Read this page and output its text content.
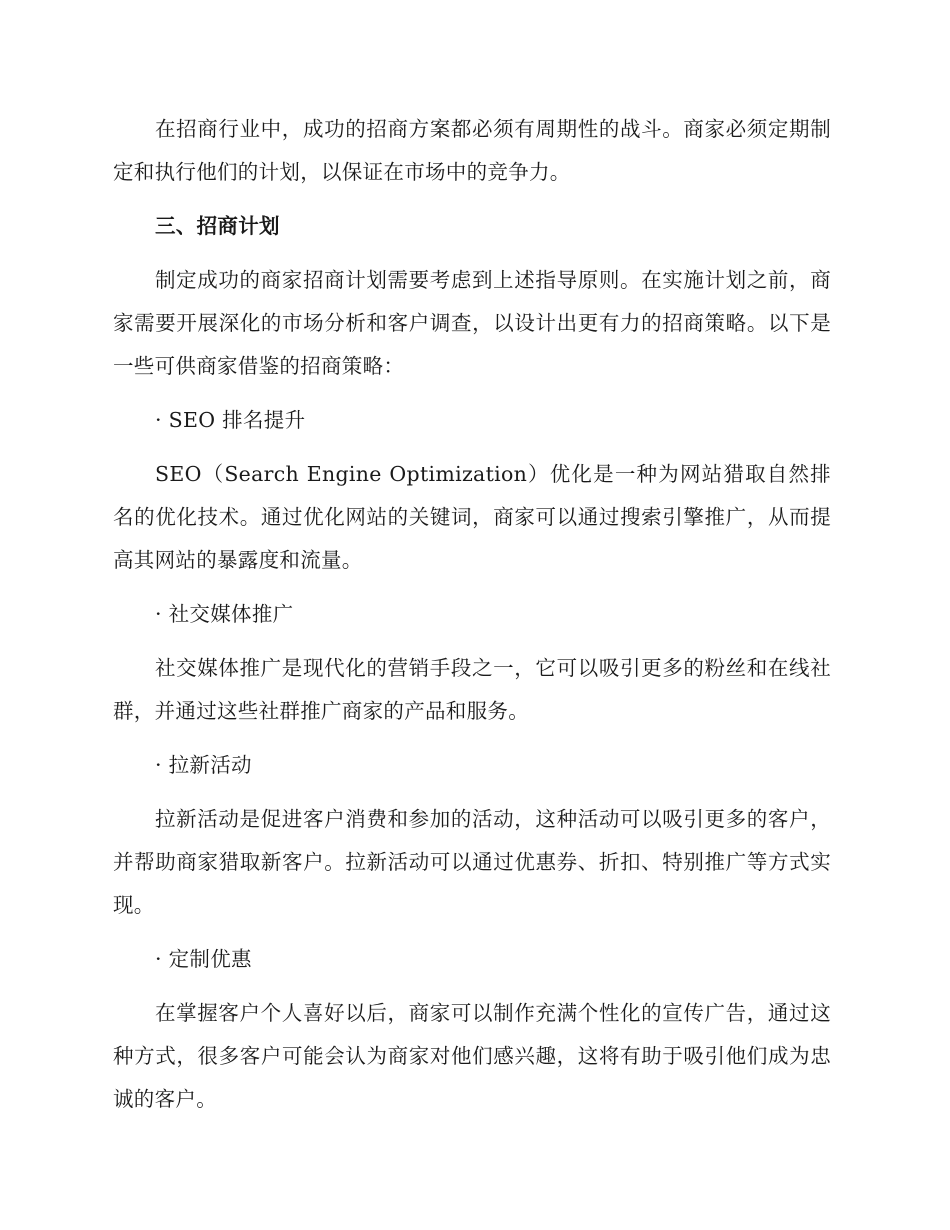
在招商行业中，成功的招商方案都必须有周期性的战斗。商家必须定期制定和执行他们的计划，以保证在市场中的竞争力。

三、招商计划

制定成功的商家招商计划需要考虑到上述指导原则。在实施计划之前，商家需要开展深化的市场分析和客户调查，以设计出更有力的招商策略。以下是一些可供商家借鉴的招商策略：

· SEO 排名提升

SEO（Search Engine Optimization）优化是一种为网站猎取自然排名的优化技术。通过优化网站的关键词，商家可以通过搜索引擎推广，从而提高其网站的暴露度和流量。

· 社交媒体推广

社交媒体推广是现代化的营销手段之一，它可以吸引更多的粉丝和在线社群，并通过这些社群推广商家的产品和服务。

· 拉新活动

拉新活动是促进客户消费和参加的活动，这种活动可以吸引更多的客户，并帮助商家猎取新客户。拉新活动可以通过优惠券、折扣、特别推广等方式实现。

· 定制优惠

在掌握客户个人喜好以后，商家可以制作充满个性化的宣传广告，通过这种方式，很多客户可能会认为商家对他们感兴趣，这将有助于吸引他们成为忠诚的客户。
